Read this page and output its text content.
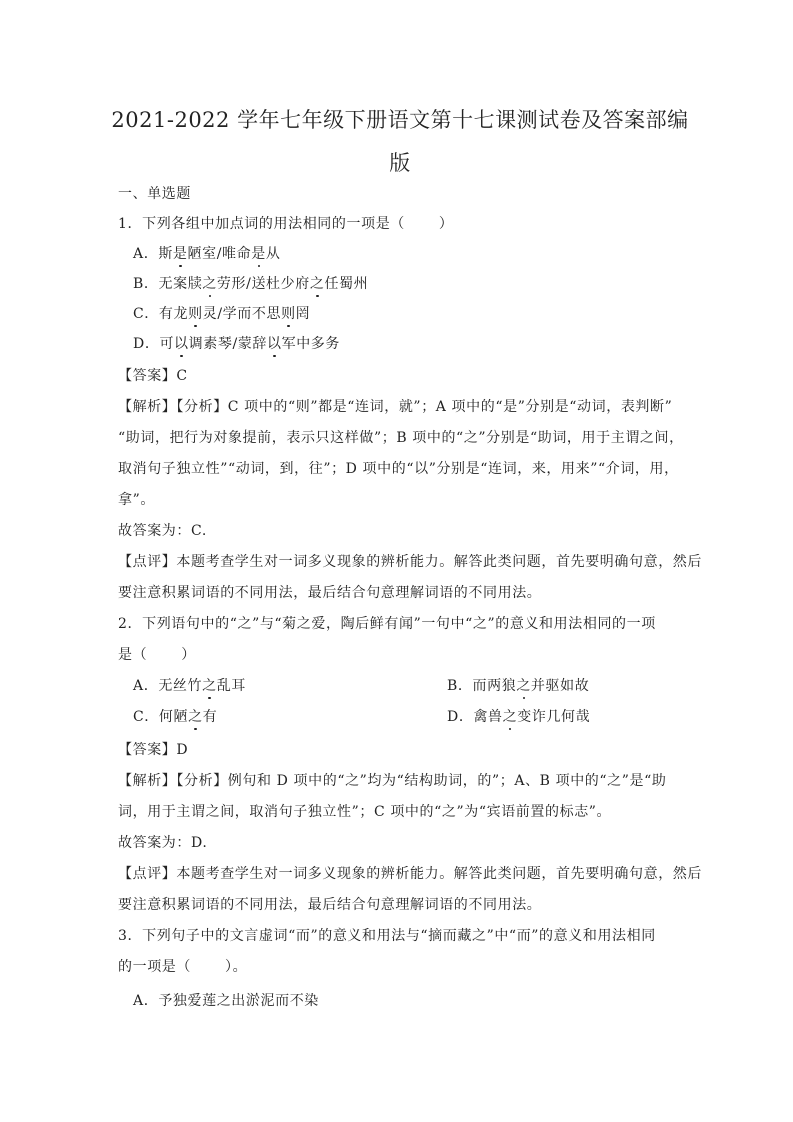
2021-2022 学年七年级下册语文第十七课测试卷及答案部编
版
一、单选题
1．下列各组中加点词的用法相同的一项是（ ）
A．斯是陋室/唯命是从
B．无案牍之劳形/送杜少府之任蜀州
C．有龙则灵/学而不思则罔
D．可以调素琴/蒙辞以军中多务
【答案】C
【解析】【分析】C 项中的“则”都是“连词，就”；A 项中的“是”分别是“动词，表判断”
“助词，把行为对象提前，表示只这样做”；B 项中的“之”分别是“助词，用于主谓之间，
取消句子独立性”“动词，到，往”；D 项中的“以”分别是“连词，来，用来”“介词，用，
拿”。
故答案为：C.
【点评】本题考查学生对一词多义现象的辨析能力。解答此类问题，首先要明确句意，然后
要注意积累词语的不同用法，最后结合句意理解词语的不同用法。
2．下列语句中的“之”与“菊之爱，陶后鲜有闻”一句中“之”的意义和用法相同的一项
是（ ）
A．无丝竹之乱耳	B．而两狼之并驱如故
C．何陋之有	D．禽兽之变诈几何哉
【答案】D
【解析】【分析】例句和 D 项中的“之”均为“结构助词，的”；A、B 项中的“之”是“助
词，用于主谓之间，取消句子独立性”；C 项中的“之”为“宾语前置的标志”。
故答案为：D.
【点评】本题考查学生对一词多义现象的辨析能力。解答此类问题，首先要明确句意，然后
要注意积累词语的不同用法，最后结合句意理解词语的不同用法。
3．下列句子中的文言虚词“而”的意义和用法与“摘而藏之”中“而”的意义和用法相同
的一项是（ ）。
A．予独爱莲之出淤泥而不染
